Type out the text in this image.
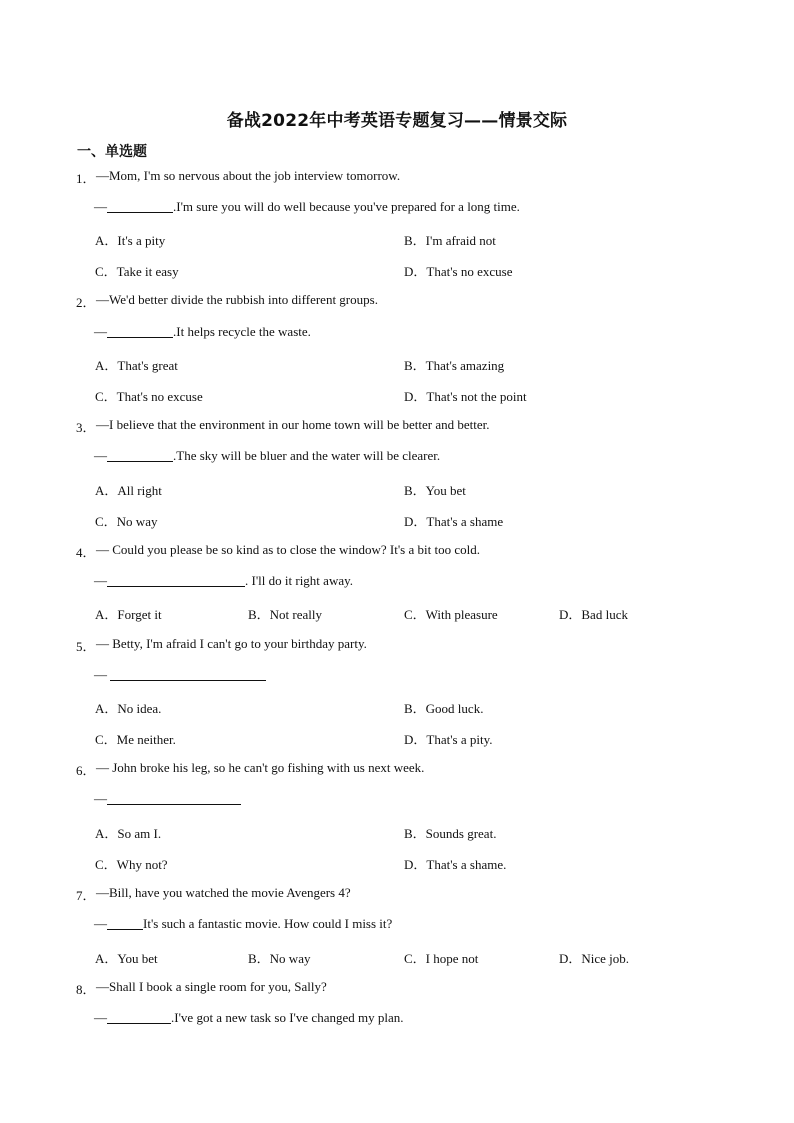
备战2022年中考英语专题复习——情景交际
一、单选题
1． —Mom, I'm so nervous about the job interview tomorrow.
—	.I'm sure you will do well because you've prepared for a long time.
A．It's a pity	B．I'm afraid not
C．Take it easy	D．That's no excuse
2． —We'd better divide the rubbish into different groups.
—	.It helps recycle the waste.
A．That's great	B．That's amazing
C．That's no excuse	D．That's not the point
3． —I believe that the environment in our home town will be better and better.
—	.The sky will be bluer and the water will be clearer.
A．All right	B．You bet
C．No way	D．That's a shame
4． — Could you please be so kind as to close the window? It's a bit too cold.
—	. I'll do it right away.
A．Forget it	B．Not really	C．With pleasure	D．Bad luck
5． — Betty, I'm afraid I can't go to your birthday party.
—
A．No idea.	B．Good luck.
C．Me neither.	D．That's a pity.
6． — John broke his leg, so he can't go fishing with us next week.
—
A．So am I.	B．Sounds great.
C．Why not?	D．That's a shame.
7． —Bill, have you watched the movie Avengers 4?
—	It's such a fantastic movie. How could I miss it?
A．You bet	B．No way	C．I hope not	D．Nice job.
8． —Shall I book a single room for you, Sally?
—	.I've got a new task so I've changed my plan.
